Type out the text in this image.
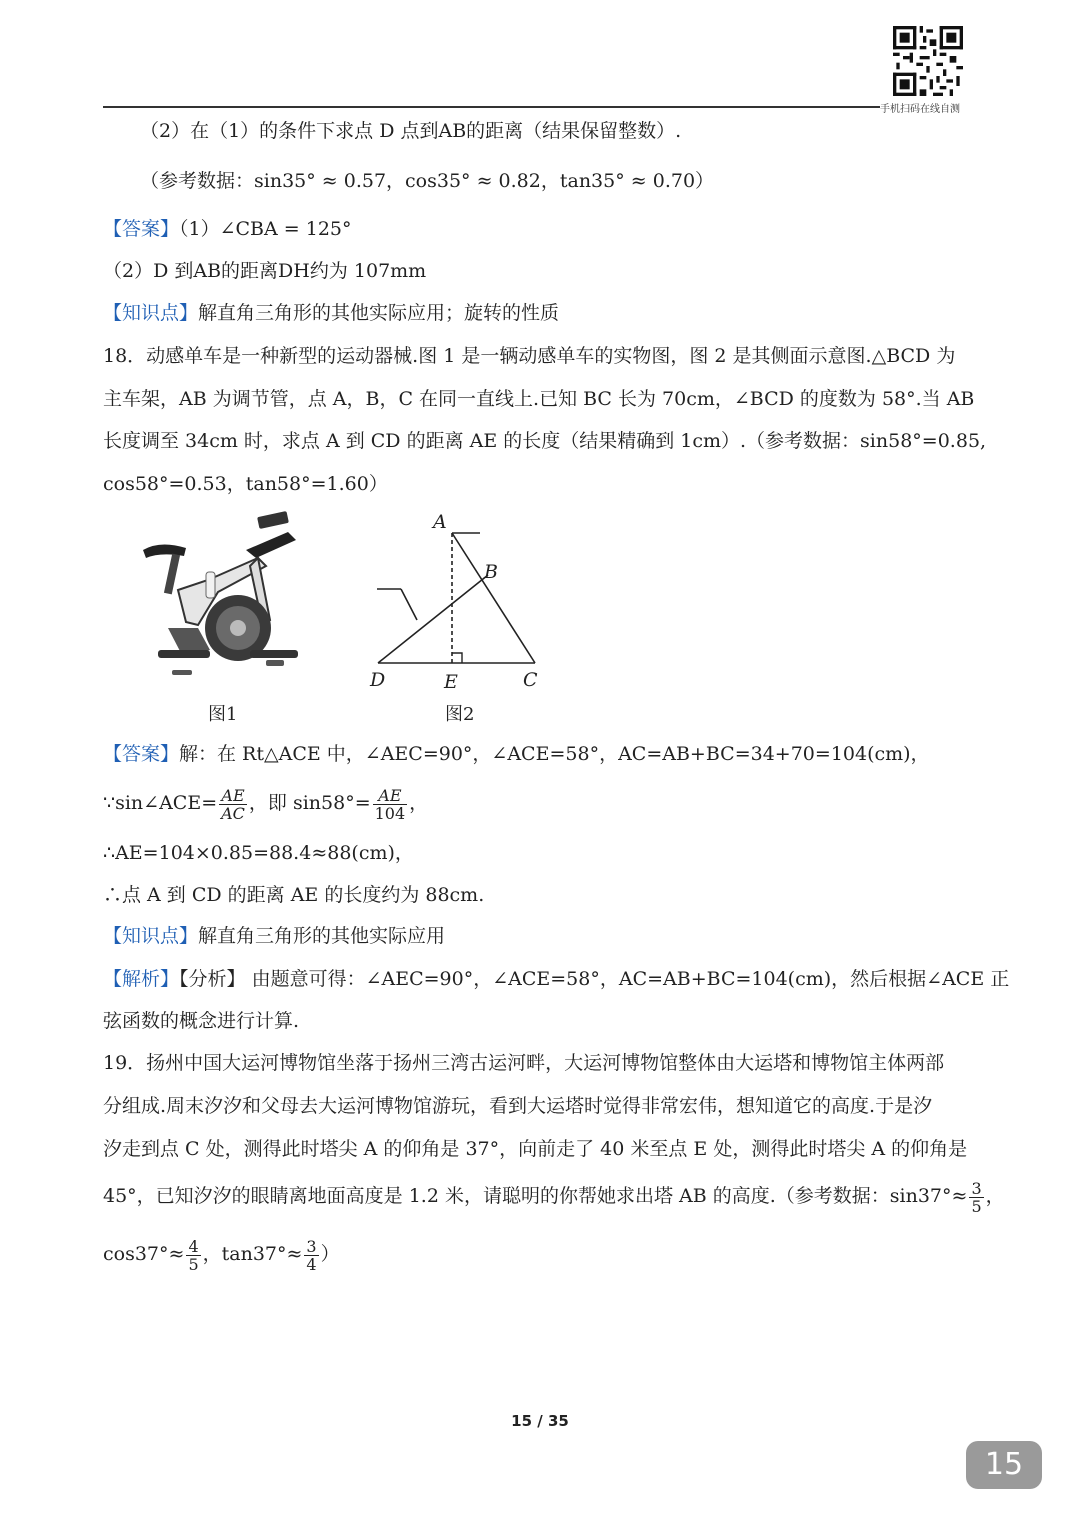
手机扫码在线自测
（2）在（1）的条件下求点 D 点到AB的距离（结果保留整数）.
（参考数据：sin35° ≈ 0.57，cos35° ≈ 0.82，tan35° ≈ 0.70）
【答案】（1）∠CBA = 125°
（2）D 到AB的距离DH约为 107mm
【知识点】解直角三角形的其他实际应用；旋转的性质
18．动感单车是一种新型的运动器械.图 1 是一辆动感单车的实物图，图 2 是其侧面示意图.△BCD 为
主车架，AB 为调节管，点 A，B，C 在同一直线上.已知 BC 长为 70cm，∠BCD 的度数为 58°.当 AB
长度调至 34cm 时，求点 A 到 CD 的距离 AE 的长度（结果精确到 1cm）.（参考数据：sin58°=0.85,
cos58°=0.53，tan58°=1.60）
图1
A
B
C
D	E
图2
【答案】解：在 Rt△ACE 中，∠AEC=90°，∠ACE=58°，AC=AB+BC=34+70=104(cm)，
∵sin∠ACE= $\frac{AE}{AC}$ ，即 $\sin 58^\circ= \frac{AE}{104}$ ，
∴AE=104×0.85=88.4≈88(cm)，
∴点 A 到 CD 的距离 AE 的长度约为 88cm.
【知识点】解直角三角形的其他实际应用
【解析】【分析】 由题意可得：∠AEC=90°，∠ACE=58°，AC=AB+BC=104(cm)，然后根据∠ACE 正
弦函数的概念进行计算.
19．扬州中国大运河博物馆坐落于扬州三湾古运河畔，大运河博物馆整体由大运塔和博物馆主体两部
分组成.周末汐汐和父母去大运河博物馆游玩，看到大运塔时觉得非常宏伟，想知道它的高度.于是汐
汐走到点 C 处，测得此时塔尖 A 的仰角是 37°，向前走了 40 米至点 E 处，测得此时塔尖 A 的仰角是
45°，已知汐汐的眼睛离地面高度是 1.2 米，请聪明的你帮她求出塔 AB 的高度.（参考数据：$\sin 37^\circ\approx \frac{3}{5}$ ，
$\cos 37^\circ\approx \frac{4}{5}$ ，$\tan 37^\circ\approx \frac{3}{4}$ ）
15 / 35
15
